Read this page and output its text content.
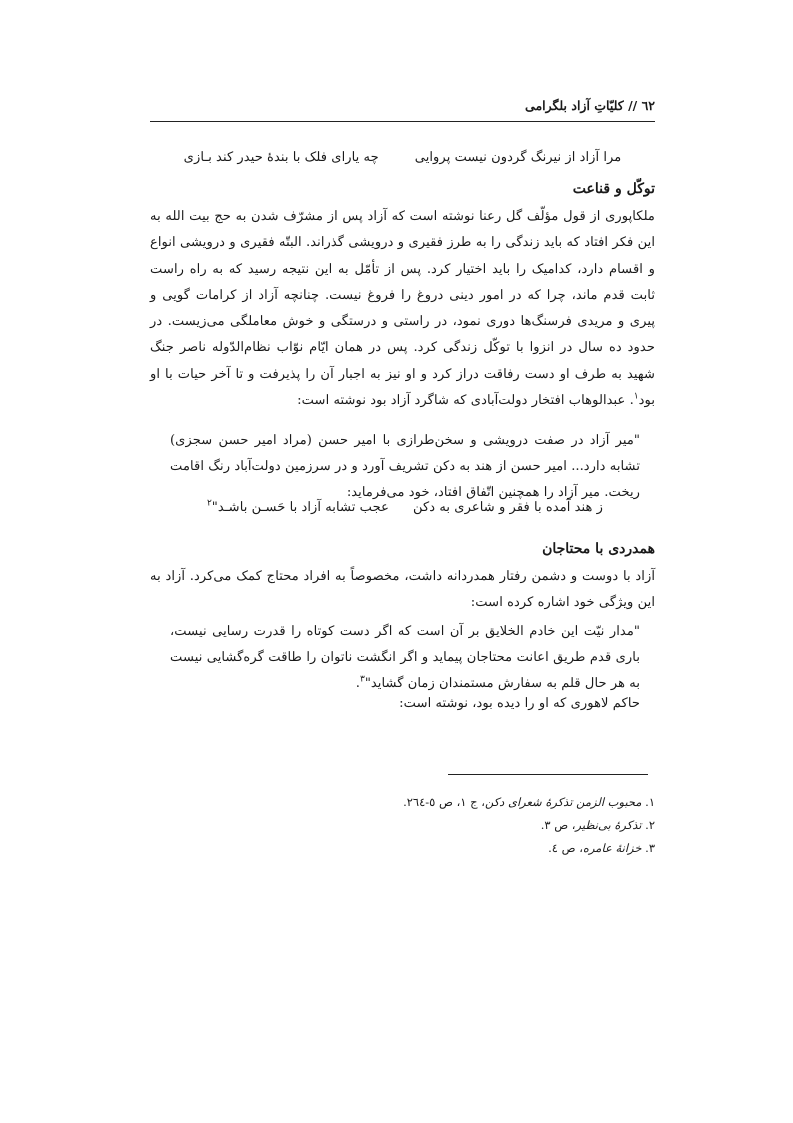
٦٢ // كليّاتِ آزاد بلگرامی
مرا آزاد از نیرنگ گردون نیست پروایی
چه یارای فلک با بندهٔ حیدر کند بـازی
توکّل و قناعت
ملکاپوری از قول مؤلّف گل رعنا نوشته است که آزاد پس از مشرّف شدن به حج بیت الله به این فکر افتاد که باید زندگی را به طرز فقیری و درویشی گذراند. البتّه فقیری و درویشی انواع و اقسام دارد، کدامیک را باید اختیار کرد. پس از تأمّل به این نتیجه رسید که به راه راست ثابت قدم ماند، چرا که در امور دینی دروغ را فروغ نیست. چنانچه آزاد از کرامات گویی و پیری و مریدی فرسنگ‌ها دوری نمود، در راستی و درستگی و خوش معاملگی می‌زیست. در حدود ده سال در انزوا با توکّل زندگی کرد. پس در همان ایّام نوّاب نظام‌الدّوله ناصر جنگ شهید به طرف او دست رفاقت دراز کرد و او نیز به اجبار آن را پذیرفت و تا آخر حیات با او بود$^١$. عبدالوهاب افتخار دولت‌آبادی که شاگرد آزاد بود نوشته است:
"میر آزاد در صفت درویشی و سخن‌طرازی با امیر حسن (مراد امیر حسن سجزی) تشابه دارد... امیر حسن از هند به دکن تشریف آورد و در سرزمین دولت‌آباد رنگ اقامت ریخت. میر آزاد را همچنین اتّفاق افتاد، خود می‌فرماید:
ز هند آمده با فقر و شاعری به دکن
عجب تشابه آزاد با حَسـن باشـد"$^٢$
همدردی با محتاجان
آزاد با دوست و دشمن رفتار همدردانه داشت، مخصوصاً به افراد محتاج کمک می‌کرد. آزاد به این ویژگی خود اشاره کرده است:
"مدار نیّت این خادم الخلایق بر آن است که اگر دست کوتاه را قدرت رسایی نیست، باری قدم طریق اعانت محتاجان پیماید و اگر انگشت ناتوان را طاقت گره‌گشایی نیست به هر حال قلم به سفارش مستمندان زمان گشاید"$^٣$.
حاکم لاهوری که او را دیده بود، نوشته است:
١. محبوب الزمن تذکرهٔ شعرای دکن، ج ١، ص ٥-٢٦٤.
٢. تذکرهٔ بی‌نظیر، ص ٣.
٣. خزانهٔ عامره، ص ٤.
